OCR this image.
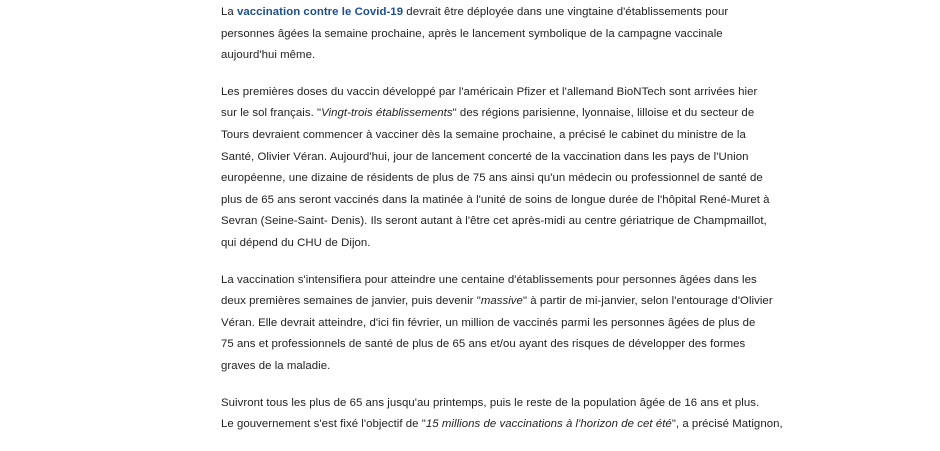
La vaccination contre le Covid-19 devrait être déployée dans une vingtaine d'établissements pour
personnes âgées la semaine prochaine, après le lancement symbolique de la campagne vaccinale
aujourd'hui même.

Les premières doses du vaccin développé par l'américain Pfizer et l'allemand BioNTech sont arrivées hier
sur le sol français. "Vingt-trois établissements" des régions parisienne, lyonnaise, lilloise et du secteur de
Tours devraient commencer à vacciner dès la semaine prochaine, a précisé le cabinet du ministre de la
Santé, Olivier Véran. Aujourd'hui, jour de lancement concerté de la vaccination dans les pays de l'Union
européenne, une dizaine de résidents de plus de 75 ans ainsi qu'un médecin ou professionnel de santé de
plus de 65 ans seront vaccinés dans la matinée à l'unité de soins de longue durée de l'hôpital René-Muret à
Sevran (Seine-Saint- Denis). Ils seront autant à l'être cet après-midi au centre gériatrique de Champmaillot,
qui dépend du CHU de Dijon.

La vaccination s'intensifiera pour atteindre une centaine d'établissements pour personnes âgées dans les
deux premières semaines de janvier, puis devenir "massive" à partir de mi-janvier, selon l'entourage d'Olivier
Véran. Elle devrait atteindre, d'ici fin février, un million de vaccinés parmi les personnes âgées de plus de
75 ans et professionnels de santé de plus de 65 ans et/ou ayant des risques de développer des formes
graves de la maladie.

Suivront tous les plus de 65 ans jusqu'au printemps, puis le reste de la population âgée de 16 ans et plus.
Le gouvernement s'est fixé l'objectif de "15 millions de vaccinations à l'horizon de cet été", a précisé Matignon,
